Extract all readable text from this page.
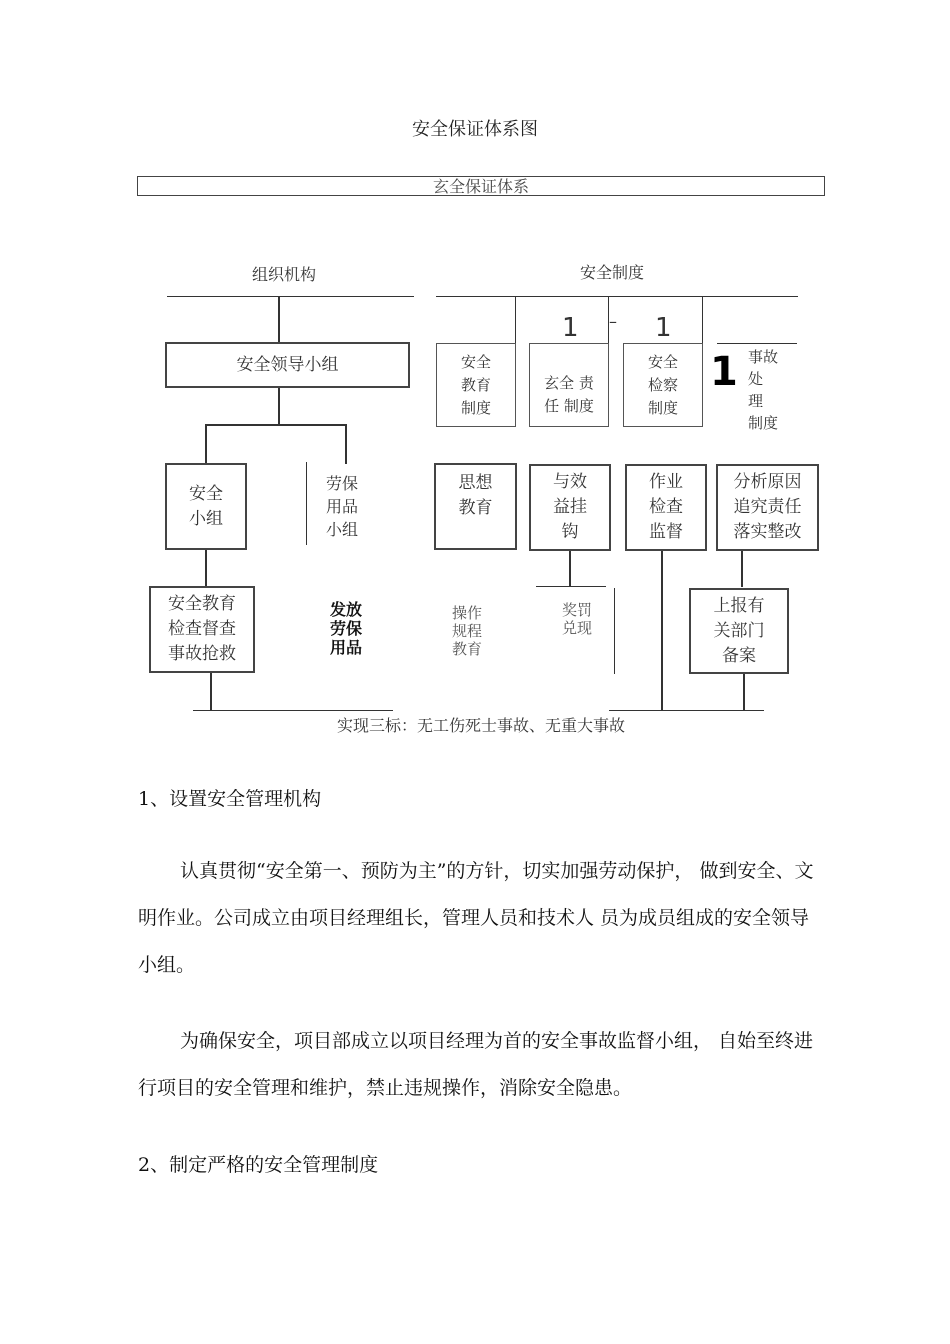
安全保证体系图
玄全保证体系
组织机构	安全制度
安全领导小组
安全
小组
劳保
用品
小组
安全教育
检查督查
事故抢救
发放
劳保
用品
1 – 1
1
安全
教育
制度
玄全 责
任 制度
安全
检察
制度
事故
处
理
制度
思想
教育
与效
益挂
钩
作业
检查
监督
分析原因
追究责任
落实整改
操作
规程
教育
奖罚
兑现
上报有
关部门
备案
实现三标：无工伤死士事故、无重大事故
1、设置安全管理机构
认真贯彻“安全第一、预防为主”的方针，切实加强劳动保护， 做到安全、文明作业。公司成立由项目经理组长，管理人员和技术人 员为成员组成的安全领导小组。
为确保安全，项目部成立以项目经理为首的安全事故监督小组， 自始至终进行项目的安全管理和维护，禁止违规操作，消除安全隐患。
2、制定严格的安全管理制度
